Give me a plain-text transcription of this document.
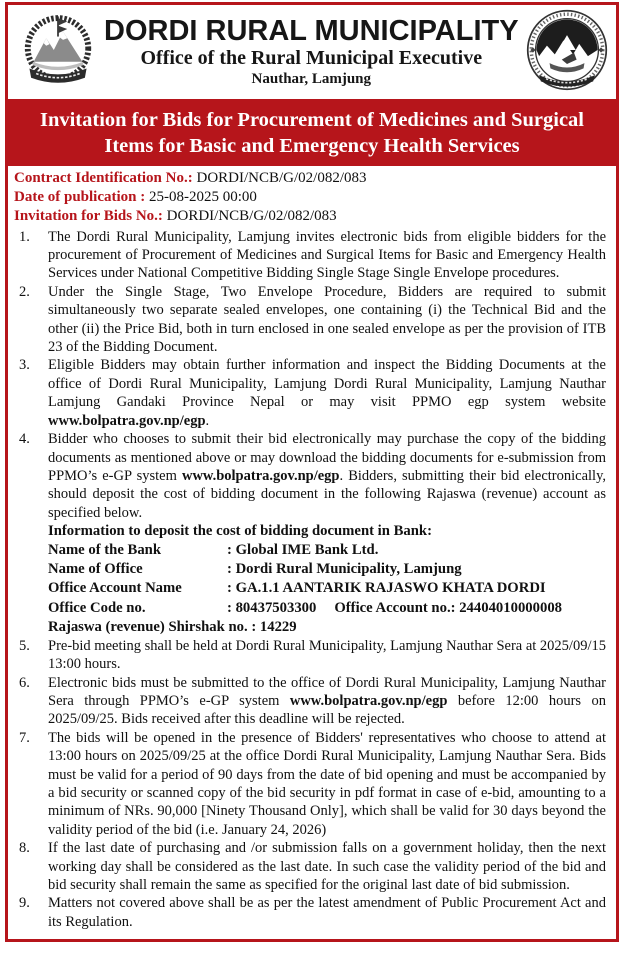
DORDI RURAL MUNICIPALITY
Office of the Rural Municipal Executive
Nauthar, Lamjung
Invitation for Bids for Procurement of Medicines and Surgical Items for Basic and Emergency Health Services
Contract Identification No.: DORDI/NCB/G/02/082/083
Date of publication : 25-08-2025 00:00
Invitation for Bids No.: DORDI/NCB/G/02/082/083
1.	The Dordi Rural Municipality, Lamjung invites electronic bids from eligible bidders for the procurement of Procurement of Medicines and Surgical Items for Basic and Emergency Health Services under National Competitive Bidding Single Stage Single Envelope procedures.
2.	Under the Single Stage, Two Envelope Procedure, Bidders are required to submit simultaneously two separate sealed envelopes, one containing (i) the Technical Bid and the other (ii) the Price Bid, both in turn enclosed in one sealed envelope as per the provision of ITB 23 of the Bidding Document.
3.	Eligible Bidders may obtain further information and inspect the Bidding Documents at the office of Dordi Rural Municipality, Lamjung Dordi Rural Municipality, Lamjung Nauthar Lamjung Gandaki Province Nepal or may visit PPMO egp system website www.bolpatra.gov.np/egp.
4.	Bidder who chooses to submit their bid electronically may purchase the copy of the bidding documents as mentioned above or may download the bidding documents for e-submission from PPMO’s e-GP system www.bolpatra.gov.np/egp. Bidders, submitting their bid electronically, should deposit the cost of bidding document in the following Rajaswa (revenue) account as specified below.
Information to deposit the cost of bidding document in Bank:
Name of the Bank	: Global IME Bank Ltd.
Name of Office	: Dordi Rural Municipality, Lamjung
Office Account Name	: GA.1.1 AANTARIK RAJASWO KHATA DORDI
Office Code no.	: 80437503300 Office Account no.: 24404010000008
Rajaswa (revenue) Shirshak no. : 14229
5.	Pre-bid meeting shall be held at Dordi Rural Municipality, Lamjung Nauthar Sera at 2025/09/15 13:00 hours.
6.	Electronic bids must be submitted to the office of Dordi Rural Municipality, Lamjung Nauthar Sera through PPMO’s e-GP system www.bolpatra.gov.np/egp before 12:00 hours on 2025/09/25. Bids received after this deadline will be rejected.
7.	The bids will be opened in the presence of Bidders' representatives who choose to attend at 13:00 hours on 2025/09/25 at the office Dordi Rural Municipality, Lamjung Nauthar Sera. Bids must be valid for a period of 90 days from the date of bid opening and must be accompanied by a bid security or scanned copy of the bid security in pdf format in case of e-bid, amounting to a minimum of NRs. 90,000 [Ninety Thousand Only], which shall be valid for 30 days beyond the validity period of the bid (i.e. January 24, 2026)
8.	If the last date of purchasing and /or submission falls on a government holiday, then the next working day shall be considered as the last date. In such case the validity period of the bid and bid security shall remain the same as specified for the original last date of bid submission.
9.	Matters not covered above shall be as per the latest amendment of Public Procurement Act and its Regulation.
